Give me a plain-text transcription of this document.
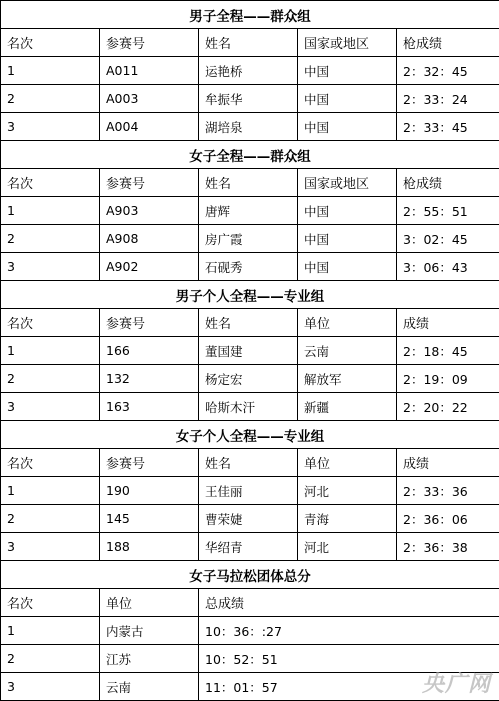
男子全程——群众组				
名次	参赛号	姓名	国家或地区	枪成绩
1	A011	运艳桥	中国	2：32：45
2	A003	牟振华	中国	2：33：24
3	A004	湖培泉	中国	2：33：45
女子全程——群众组				
名次	参赛号	姓名	国家或地区	枪成绩
1	A903	唐辉	中国	2：55：51
2	A908	房广霞	中国	3：02：45
3	A902	石砚秀	中国	3：06：43
男子个人全程——专业组				
名次	参赛号	姓名	单位	成绩
1	166	董国建	云南	2：18：45
2	132	杨定宏	解放军	2：19：09
3	163	哈斯木汗	新疆	2：20：22
女子个人全程——专业组				
名次	参赛号	姓名	单位	成绩
1	190	王佳丽	河北	2：33：36
2	145	曹荣婕	青海	2：36：06
3	188	华绍青	河北	2：36：38
女子马拉松团体总分				
名次	单位	总成绩		
1	内蒙古	10：36：:27		
2	江苏	10：52：51		
3	云南	11：01：57			央广网
